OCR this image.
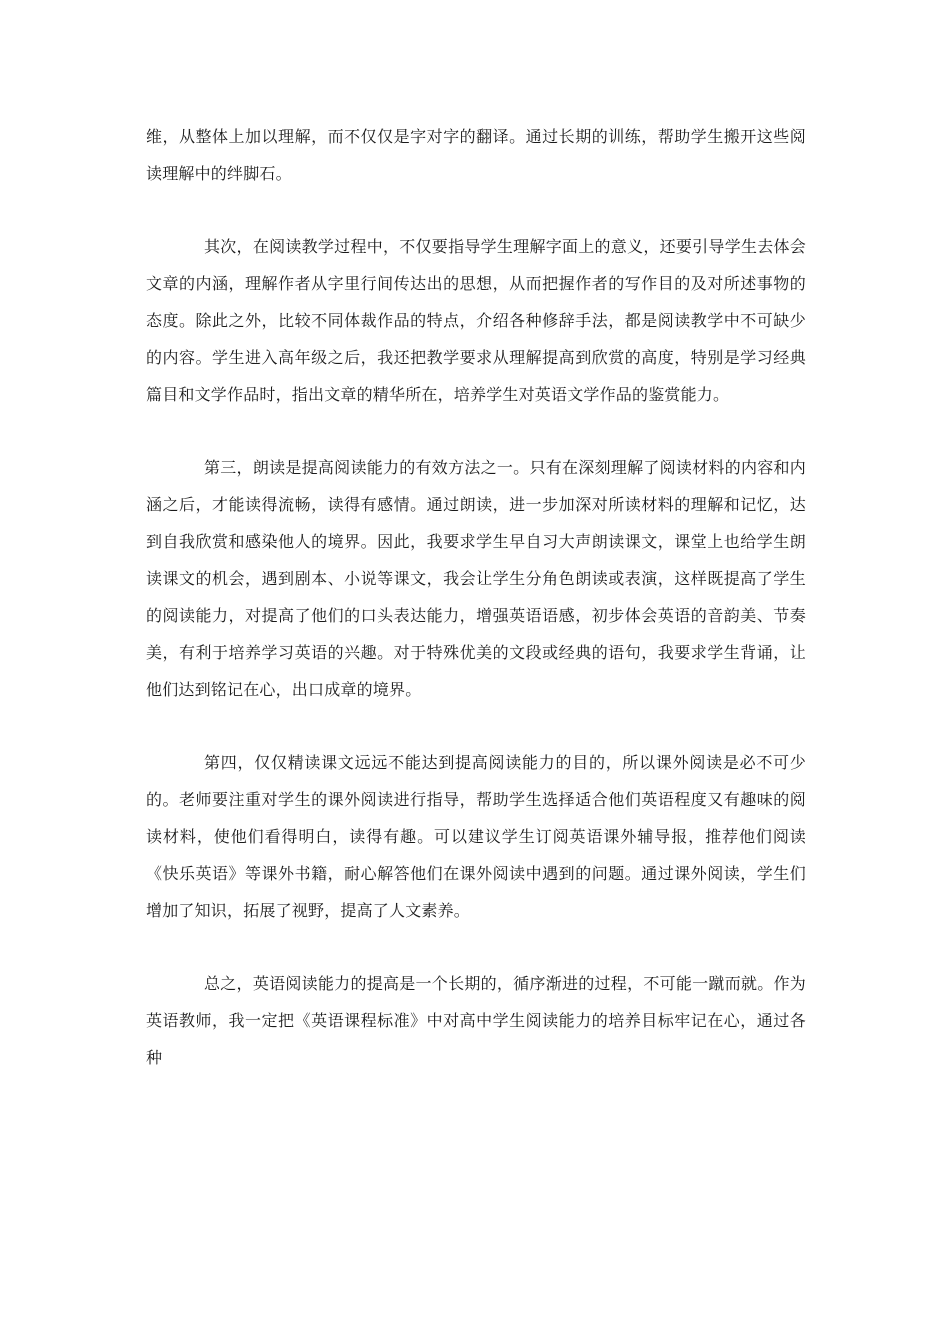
维，从整体上加以理解，而不仅仅是字对字的翻译。通过长期的训练，帮助学生搬开这些阅读理解中的绊脚石。

其次，在阅读教学过程中，不仅要指导学生理解字面上的意义，还要引导学生去体会文章的内涵，理解作者从字里行间传达出的思想，从而把握作者的写作目的及对所述事物的态度。除此之外，比较不同体裁作品的特点，介绍各种修辞手法，都是阅读教学中不可缺少的内容。学生进入高年级之后，我还把教学要求从理解提高到欣赏的高度，特别是学习经典篇目和文学作品时，指出文章的精华所在，培养学生对英语文学作品的鉴赏能力。

第三，朗读是提高阅读能力的有效方法之一。只有在深刻理解了阅读材料的内容和内涵之后，才能读得流畅，读得有感情。通过朗读，进一步加深对所读材料的理解和记忆，达到自我欣赏和感染他人的境界。因此，我要求学生早自习大声朗读课文，课堂上也给学生朗读课文的机会，遇到剧本、小说等课文，我会让学生分角色朗读或表演，这样既提高了学生的阅读能力，对提高了他们的口头表达能力，增强英语语感，初步体会英语的音韵美、节奏美，有利于培养学习英语的兴趣。对于特殊优美的文段或经典的语句，我要求学生背诵，让他们达到铭记在心，出口成章的境界。

第四，仅仅精读课文远远不能达到提高阅读能力的目的，所以课外阅读是必不可少的。老师要注重对学生的课外阅读进行指导，帮助学生选择适合他们英语程度又有趣味的阅读材料，使他们看得明白，读得有趣。可以建议学生订阅英语课外辅导报，推荐他们阅读《快乐英语》等课外书籍，耐心解答他们在课外阅读中遇到的问题。通过课外阅读，学生们增加了知识，拓展了视野，提高了人文素养。

总之，英语阅读能力的提高是一个长期的，循序渐进的过程，不可能一蹴而就。作为英语教师，我一定把《英语课程标准》中对高中学生阅读能力的培养目标牢记在心，通过各种
